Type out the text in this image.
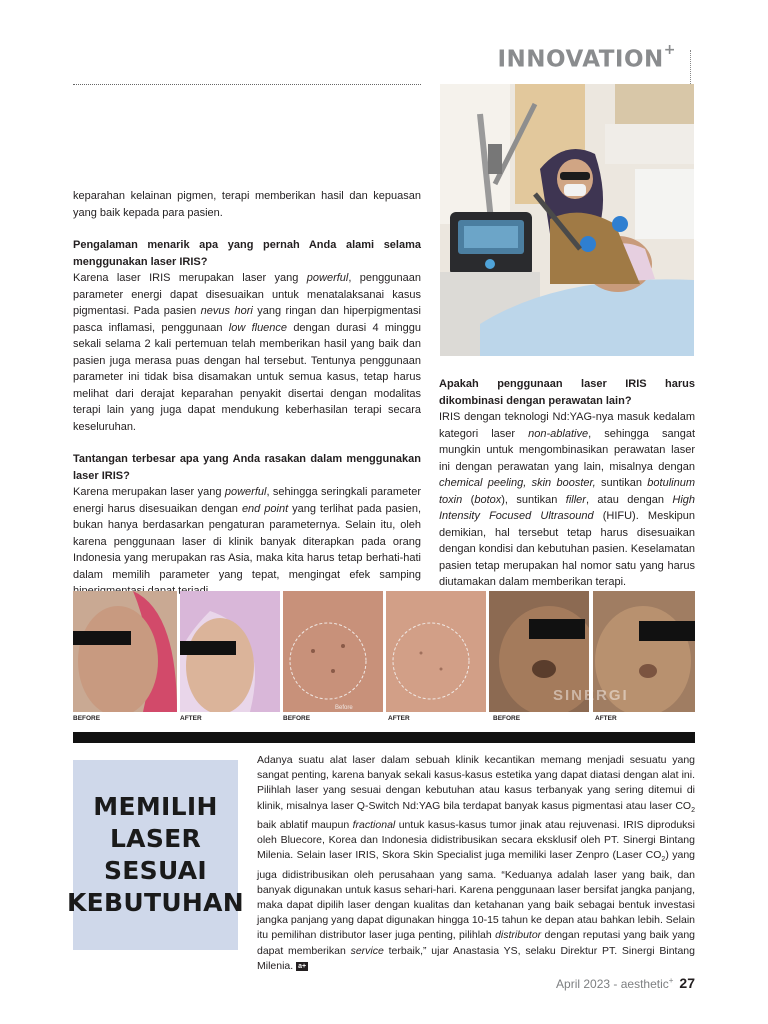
INNOVATION+

keparahan kelainan pigmen, terapi memberikan hasil dan kepuasan yang baik kepada para pasien.

Pengalaman menarik apa yang pernah Anda alami selama menggunakan laser IRIS?

Karena laser IRIS merupakan laser yang powerful, penggunaan parameter energi dapat disesuaikan untuk menatalaksanai kasus pigmentasi. Pada pasien nevus hori yang ringan dan hiperpigmentasi pasca inflamasi, penggunaan low fluence dengan durasi 4 minggu sekali selama 2 kali pertemuan telah memberikan hasil yang baik dan pasien juga merasa puas dengan hal tersebut. Tentunya penggunaan parameter ini tidak bisa disamakan untuk semua kasus, tetap harus melihat dari derajat keparahan penyakit disertai dengan modalitas terapi lain yang juga dapat mendukung keberhasilan terapi secara keseluruhan.

Tantangan terbesar apa yang Anda rasakan dalam menggunakan laser IRIS?

Karena merupakan laser yang powerful, sehingga seringkali parameter energi harus disesuaikan dengan end point yang terlihat pada pasien, bukan hanya berdasarkan pengaturan parameternya. Selain itu, oleh karena penggunaan laser di klinik banyak diterapkan pada orang Indonesia yang merupakan ras Asia, maka kita harus tetap berhati-hati dalam memilih parameter yang tepat, mengingat efek samping

Apakah penggunaan laser IRIS harus dikombinasi dengan perawatan lain?

IRIS dengan teknologi Nd:YAG-nya masuk kedalam kategori laser non-ablative, sehingga sangat mungkin untuk mengombinasikan perawatan laser ini dengan perawatan yang lain, misalnya dengan chemical peeling, skin booster, suntikan botulinum toxin (botox), suntikan filler, atau dengan High Intensity Focused Ultrasound (HIFU). Meskipun demikian, hal tersebut tetap harus disesuaikan dengan kondisi dan kebutuhan pasien. Keselamatan pasien tetap merupakan hal nomor satu yang harus diutamakan dalam memberikan terapi.

Before
SINERGI
BEFORE	AFTER	BEFORE	AFTER	BEFORE	AFTER
MEMILIH
LASER
SESUAI
KEBUTUHAN
Adanya suatu alat laser dalam sebuah klinik kecantikan memang menjadi sesuatu yang sangat penting, karena banyak sekali kasus-kasus estetika yang dapat diatasi dengan alat ini. Pilihlah laser yang sesuai dengan kebutuhan atau kasus terbanyak yang sering ditemui di klinik, misalnya laser Q-Switch Nd:YAG bila terdapat banyak kasus pigmentasi atau laser $CO_2$ baik ablatif maupun fractional untuk kasus-kasus tumor jinak atau rejuvenasi. IRIS diproduksi oleh Bluecore, Korea dan Indonesia didistribusikan secara eksklusif oleh PT. Sinergi Bintang Milenia. Selain laser IRIS, Skora Skin Specialist juga memiliki laser Zenpro (Laser $CO_2$) yang juga didistribusikan oleh perusahaan yang sama. “Keduanya adalah laser yang baik, dan banyak digunakan untuk kasus sehari-hari. Karena penggunaan laser bersifat jangka panjang, maka dapat dipilih laser dengan kualitas dan ketahanan yang baik sebagai bentuk investasi jangka panjang yang dapat digunakan hingga 10-15 tahun ke depan atau bahkan lebih. Selain itu pemilihan distributor laser juga penting, pilihlah distributor dengan reputasi yang baik yang dapat memberikan service terbaik,” ujar Anastasia YS, selaku Direktur PT. Sinergi Bintang Milenia. a+
April 2023 - aesthetic+ 27
